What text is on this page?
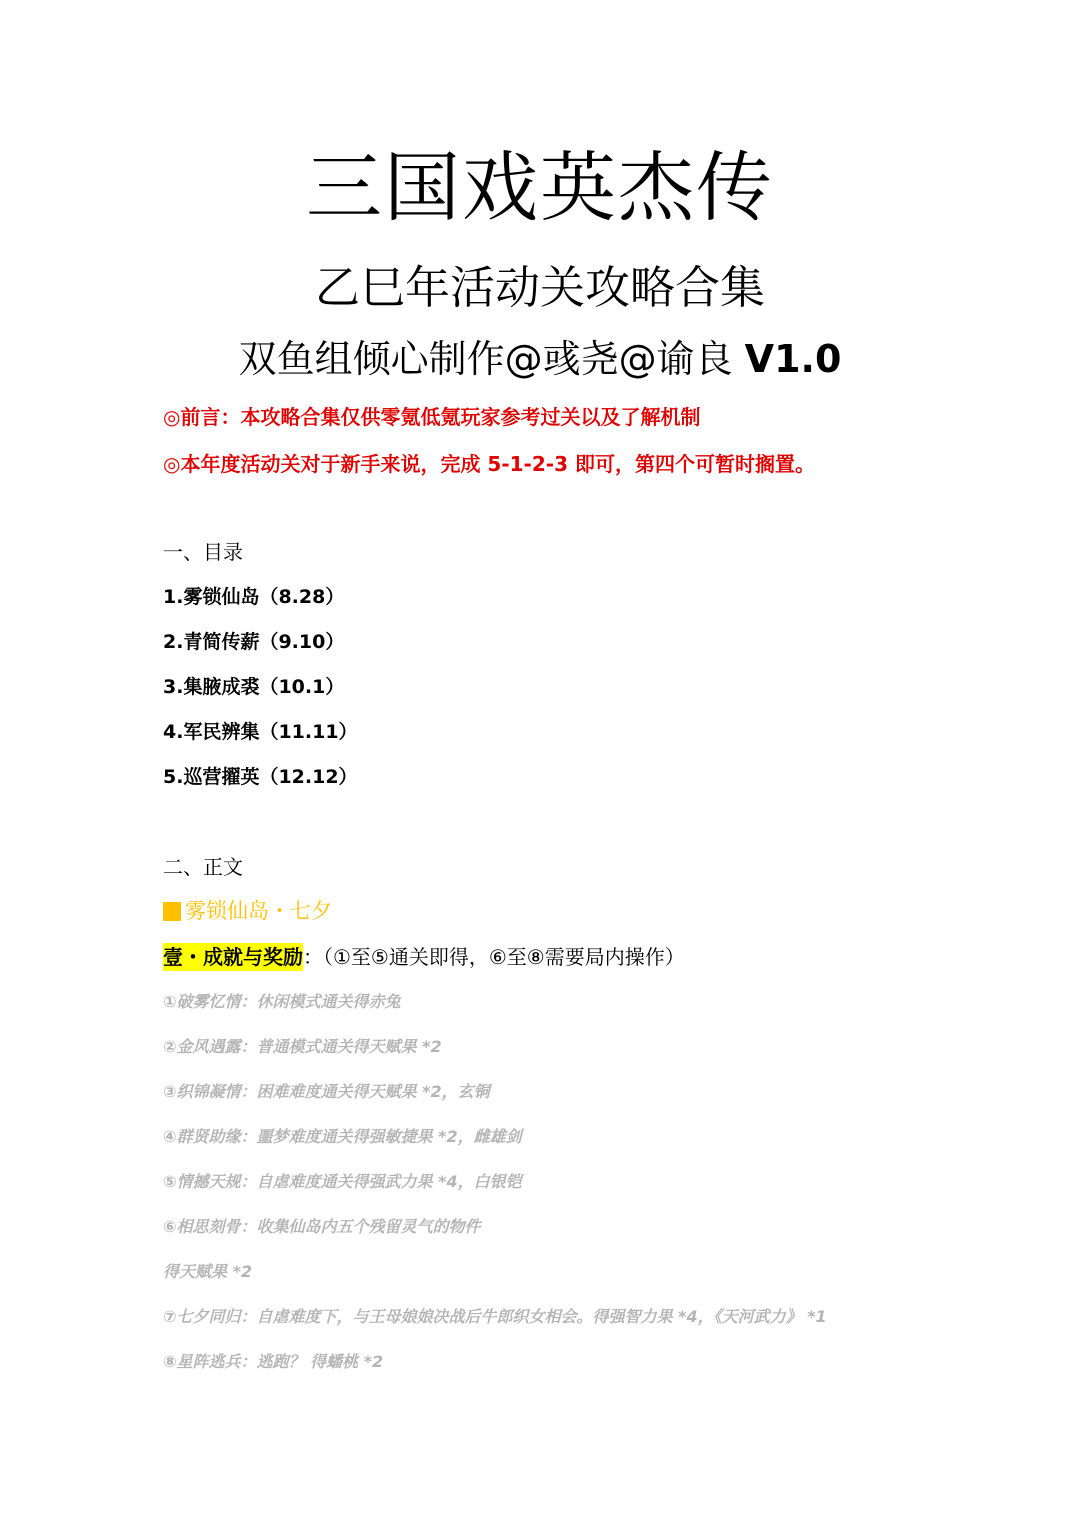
三国戏英杰传
乙巳年活动关攻略合集
双鱼组倾心制作@彧尧@谕良 V1.0
◎前言：本攻略合集仅供零氪低氪玩家参考过关以及了解机制
◎本年度活动关对于新手来说，完成 5-1-2-3 即可，第四个可暂时搁置。
一、目录
1.雾锁仙岛（8.28）
2.青简传薪（9.10）
3.集腋成裘（10.1）
4.军民辨集（11.11）
5.巡营擢英（12.12）
二、正文
雾锁仙岛・七夕
壹・成就与奖励：（①至⑤通关即得，⑥至⑧需要局内操作）
①破雾忆情：休闲模式通关得赤兔
②金风遇露：普通模式通关得天赋果 *2
③织锦凝情：困难难度通关得天赋果 *2，玄铜
④群贤助缘：噩梦难度通关得强敏捷果 *2，雌雄剑
⑤情撼天规：自虐难度通关得强武力果 *4，白银铠
⑥相思刻骨：收集仙岛内五个残留灵气的物件
得天赋果 *2
⑦七夕同归：自虐难度下，与王母娘娘决战后牛郎织女相会。得强智力果 *4，《天河武力》 *1
⑧星阵逃兵：逃跑？ 得蟠桃 *2
